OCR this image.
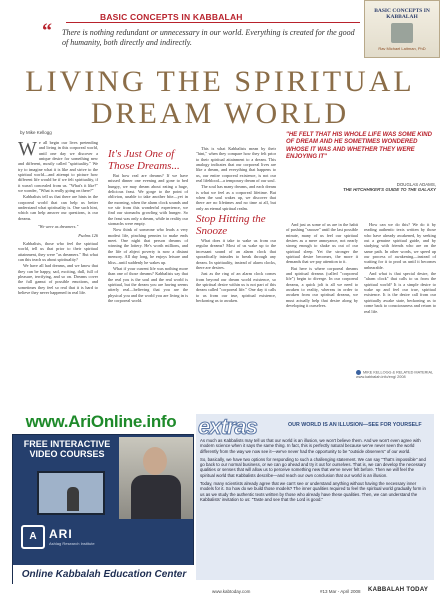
BASIC CONCEPTS IN KABBALAH
“ There is nothing redundant or unnecessary in our world. Everything is created for the good of humanity, both directly and indirectly.
BASIC CONCEPTS IN KABBALAH
Rav Michael Laitman, PhD
LIVING THE SPIRITUAL DREAM WORLD
by Mike Kellogg

We all begin our lives pretending and living in this corporeal world, until one day we discover a unique desire for something new and different, mostly called "spirituality." We try to imagine what it is like and strive to the spiritual world—and attempt to picture how different life would be if we felt spirituality, if it wasn't concealed from us. "What's it like?" we wonder, "What is really going on there?"

Kabbalists tell us that there are hints in the corporeal world that can help us better understand what spirituality is. One such hint, which can help answer our questions, is our dreams.

"We were as dreamers."

Psalms 126

Kabbalists, those who feel the spiritual world, tell us that prior to their spiritual attainment, they were "as dreamers." But what can this teach us about spirituality?

We have all had dreams, and we know that they can be happy, sad, exciting, dull, full of pleasure, terrifying, and so on. Dreams cover the full gamut of possible emotions, and sometimes they feel so real that it is hard to believe they never happened in real life.

It's Just One of Those Dreams...

But how real are dreams? If we have missed dinner one evening and gone to bed hungry, we may dream about eating a huge, delicious feast. We gorge to the point of oblivion, unable to take another bite—yet in the morning, when the alarm clock sounds and we stir from this wonderful experience, we find our stomachs growling with hunger. So the feast was only a dream, while in reality our stomachs were empty.

Now think of someone who leads a very modest life, pinching pennies to make ends meet. One night that person dreams of winning the lottery. He's worth millions, and the life of abject poverty is now a distant memory. All day long, he enjoys leisure and bliss...until suddenly he wakes up.

What if your current life was nothing more than one of those dreams? Kabbalists say that the real you is the soul and the real world is spiritual, but the dream you are having seems utterly real—believing that you are the physical you and the world you are living in is the corporeal world.

This is what Kabbalists mean by their "hint," when they compare how they felt prior to their spiritual attainment to a dream. This analogy indicates that our corporeal lives are like a dream, and everything that happens to us, our entire corporeal existence, is not our real lifeblood—a temporary dream of our soul.

The soul has many dreams, and each dream is what we feel as a corporeal lifetime. But when the soul wakes up, we discover that there are no lifetimes and no time at all, but only an eternal spiritual realm.

Stop Hitting the Snooze

What does it take to wake us from our regular dreams? Most of us wake up to the incessant sound of an alarm clock that sporadically intrudes to break through any dream. In spirituality, instead of alarm clocks, there are desires.

Just as the ring of an alarm clock comes from beyond our dream world existence, so the spiritual desire within us is not part of this dream called "corporeal life." One day it calls to us from our true, spiritual existence, beckoning us to awaken.

"HE FELT THAT HIS WHOLE LIFE WAS SOME KIND OF DREAM AND HE SOMETIMES WONDERED WHOSE IT WAS AND WHETHER THEY WERE ENJOYING IT"
DOUGLAS ADAMS,
THE HITCHHIKER'S GUIDE TO THE GALAXY

And just as some of us are in the habit of pushing "snooze" until the last possible minute, many of us feel our spiritual desires as a mere annoyance, not nearly strong enough to shake us out of our spiritual sleep. Yet the stronger the spiritual desire becomes, the more it demands that we pay attention to it.

But here is where corporeal dreams and spiritual dreams (called "corporeal life") begin to diverge. In our corporeal dreams, a quick jolt is all we need to awaken to reality, whereas in order to awaken from our spiritual dreams, we must actually help that desire along by developing it ourselves.

How can we do this? We do it by reading authentic texts written by those who have already awakened, by seeking out a genuine spiritual guide, and by studying with friends who are on the same path. In other words, we speed up our process of awakening—instead of waiting for it to prod us until it becomes unbearable.

And what is that special desire, the "alarm clock" that calls to us from the spiritual world? It is a simple desire to wake up and feel our true, spiritual existence. It is the desire call from our spiritually awake state, beckoning us to come back to consciousness and return to real life.

MIKE KELLOGG & RELATED MATERIAL www.kabbalah.info/eng/ 2008
www.AriOnline.info
FREE INTERACTIVE
VIDEO COURSES
A	ARI
Ashlag Research Institute
Online Kabbalah Education Center
extras	OUR WORLD IS AN ILLUSION—SEE FOR YOURSELF

As much as Kabbalists may tell us that our world is an illusion, we won't believe them. And we won't even agree with modern science when it says the same thing. In fact, this is perfectly natural because we've never seen the world differently from the way we now see it—we've never had the opportunity to be "outside observers" of our world.

So, basically, we have two options for responding to such a challenging statement. We can say "That's impossible" and go back to our normal business, or we can go ahead and try it out for ourselves. That is, we can develop the necessary qualities or senses that will allow us to perceive something new that we've never felt before. Then we will feel the spiritual world that Kabbalists describe—and reach our own conclusion that our world is an illusion.

Today, many scientists already agree that we can't see or understand anything without having the necessary inner models for it. So how do we build those models? The inner qualities required to feel the spiritual world gradually form in us as we study the authentic texts written by those who already have these qualities. Then, we can understand the Kabbalists' invitation to us: "Taste and see that the Lord is good."

www.kabtoday.com	#13 Mar - April 2008 KABBALAH TODAY
